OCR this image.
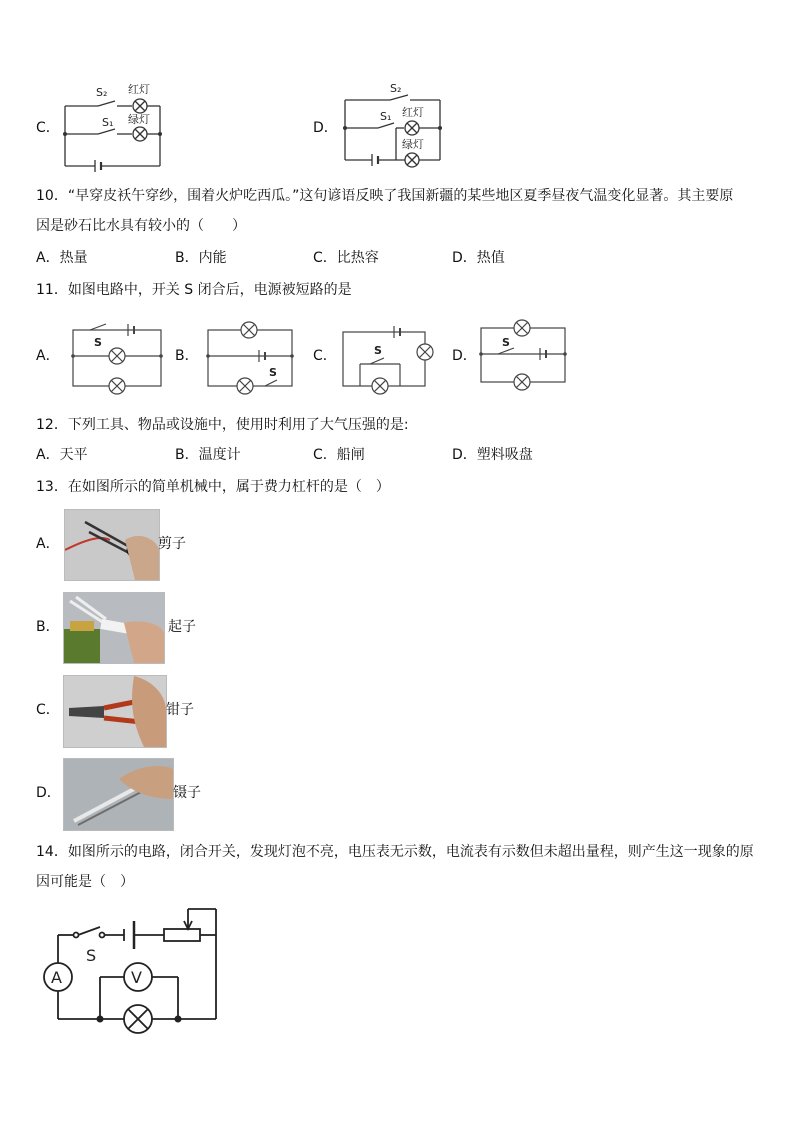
C．
S₂ 红灯
S₁ 绿灯
D．
S₂
S₁ 红灯
绿灯
10．“早穿皮袄午穿纱，围着火炉吃西瓜。”这句谚语反映了我国新疆的某些地区夏季昼夜气温变化显著。其主要原
因是砂石比水具有较小的（　　）
A．热量	B．内能	C．比热容	D．热值
11．如图电路中，开关 S 闭合后，电源被短路的是
A．
S
B．
S
C．	S	D．
S
12．下列工具、物品或设施中，使用时利用了大气压强的是:
A．天平	B．温度计	C．船闸	D．塑料吸盘
13．在如图所示的简单机械中，属于费力杠杆的是（　）
A．	剪子
B．	起子
C．	钳子
D．	镊子
14．如图所示的电路，闭合开关，发现灯泡不亮，电压表无示数，电流表有示数但未超出量程，则产生这一现象的原
因可能是（　）
S
A	V
